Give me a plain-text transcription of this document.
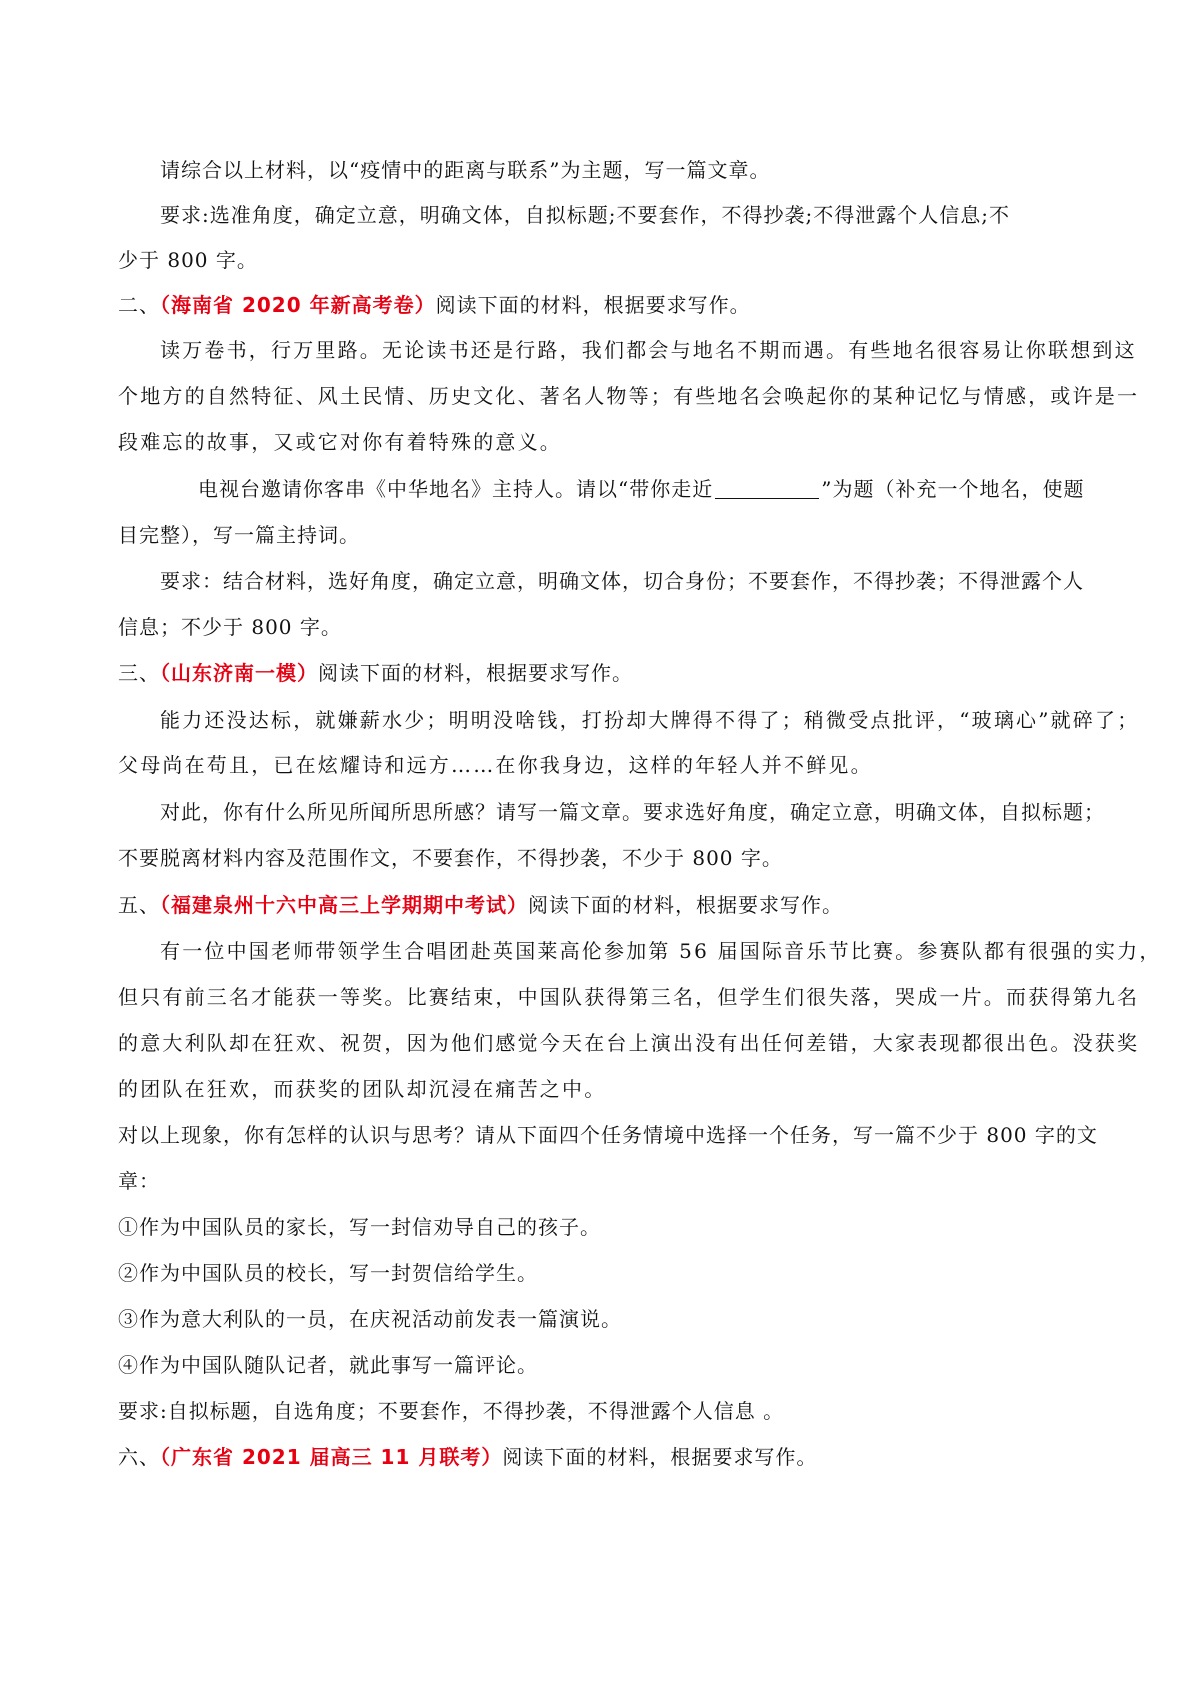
请综合以上材料，以“疫情中的距离与联系”为主题，写一篇文章。
要求:选准角度，确定立意，明确文体，自拟标题;不要套作，不得抄袭;不得泄露个人信息;不
少于 800 字。
二、（海南省 2020 年新高考卷）阅读下面的材料，根据要求写作。
读万卷书，行万里路。无论读书还是行路，我们都会与地名不期而遇。有些地名很容易让你联想到这
个地方的自然特征、风土民情、历史文化、著名人物等；有些地名会唤起你的某种记忆与情感，或许是一
段难忘的故事，又或它对你有着特殊的意义。
电视台邀请你客串《中华地名》主持人。请以“带你走近	”为题（补充一个地名，使题
目完整），写一篇主持词。
要求：结合材料，选好角度，确定立意，明确文体，切合身份；不要套作，不得抄袭；不得泄露个人
信息；不少于 800 字。
三、（山东济南一模）阅读下面的材料，根据要求写作。
能力还没达标，就嫌薪水少；明明没啥钱，打扮却大牌得不得了；稍微受点批评，“玻璃心”就碎了；
父母尚在苟且，已在炫耀诗和远方……在你我身边，这样的年轻人并不鲜见。
对此，你有什么所见所闻所思所感？请写一篇文章。要求选好角度，确定立意，明确文体，自拟标题；
不要脱离材料内容及范围作文，不要套作，不得抄袭，不少于 800 字。
五、（福建泉州十六中高三上学期期中考试）阅读下面的材料，根据要求写作。
有一位中国老师带领学生合唱团赴英国莱高伦参加第 56 届国际音乐节比赛。参赛队都有很强的实力，
但只有前三名才能获一等奖。比赛结束，中国队获得第三名，但学生们很失落，哭成一片。而获得第九名
的意大利队却在狂欢、祝贺，因为他们感觉今天在台上演出没有出任何差错，大家表现都很出色。没获奖
的团队在狂欢，而获奖的团队却沉浸在痛苦之中。
对以上现象，你有怎样的认识与思考？请从下面四个任务情境中选择一个任务，写一篇不少于 800 字的文
章：
①作为中国队员的家长，写一封信劝导自己的孩子。
②作为中国队员的校长，写一封贺信给学生。
③作为意大利队的一员，在庆祝活动前发表一篇演说。
④作为中国队随队记者，就此事写一篇评论。
要求:自拟标题，自选角度；不要套作，不得抄袭，不得泄露个人信息 。
六、（广东省 2021 届高三 11 月联考）阅读下面的材料，根据要求写作。
